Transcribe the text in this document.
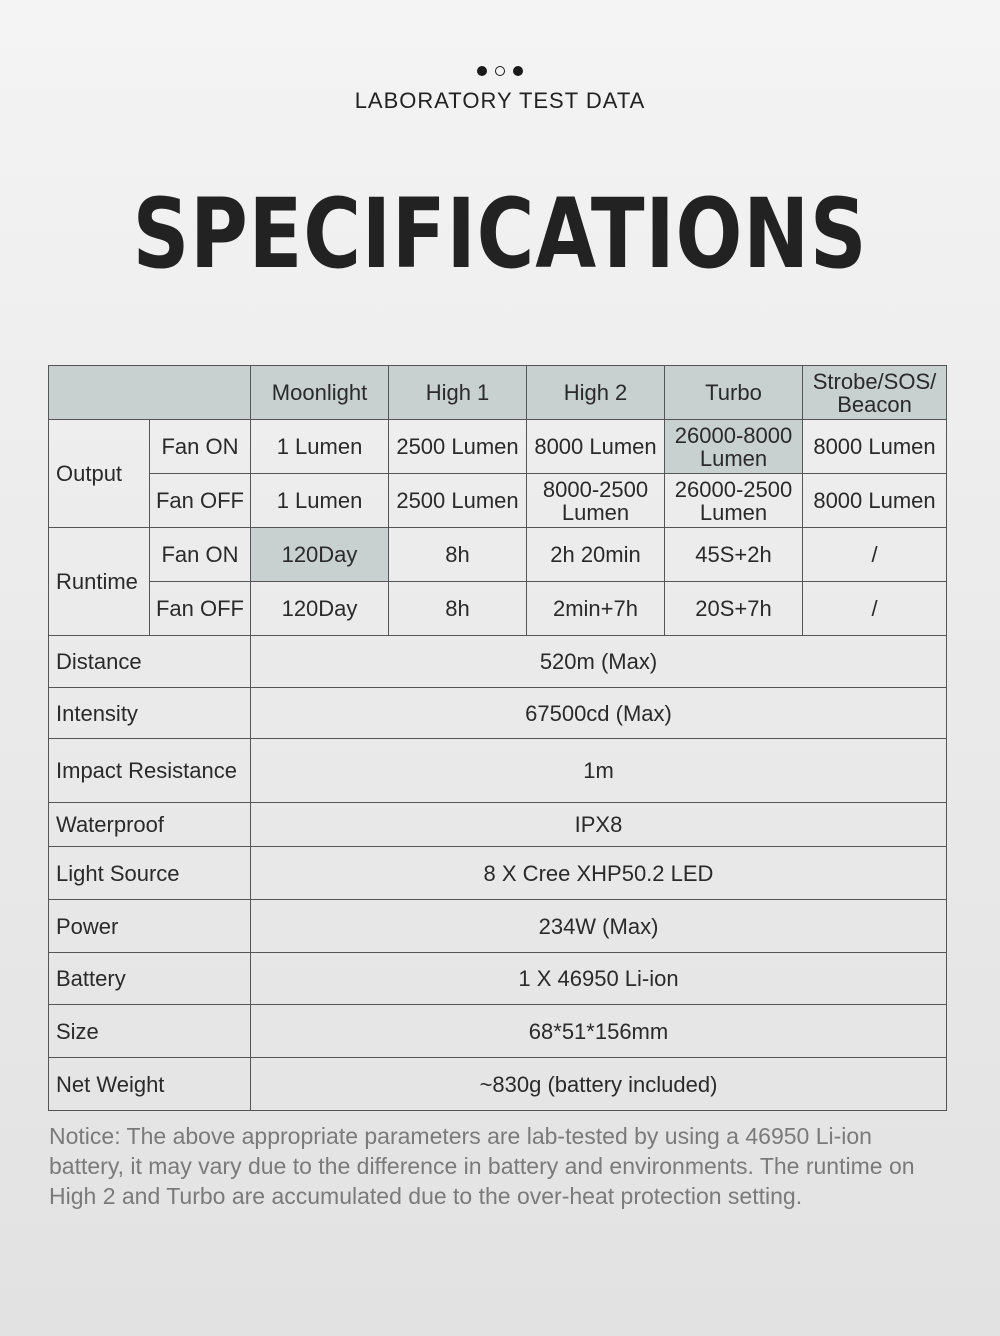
LABORATORY TEST DATA
SPECIFICATIONS
		Moonlight	High 1	High 2	Turbo	Strobe/SOS/ Beacon
Output	Fan ON	1 Lumen	2500 Lumen	8000 Lumen	26000-8000 Lumen	8000 Lumen
	Fan OFF	1 Lumen	2500 Lumen	8000-2500 Lumen	26000-2500 Lumen	8000 Lumen
Runtime	Fan ON	120Day	8h	2h 20min	45S+2h	/
	Fan OFF	120Day	8h	2min+7h	20S+7h	/
Distance		520m (Max)				
Intensity		67500cd (Max)				
Impact Resistance		1m				
Waterproof		IPX8				
Light Source		8 X Cree XHP50.2 LED				
Power		234W (Max)				
Battery		1 X 46950 Li-ion				
Size		68*51*156mm				
Net Weight		~830g (battery included)				
Notice: The above appropriate parameters are lab-tested by using a 46950 Li-ion battery, it may vary due to the difference in battery and environments. The runtime on High 2 and Turbo are accumulated due to the over-heat protection setting.
